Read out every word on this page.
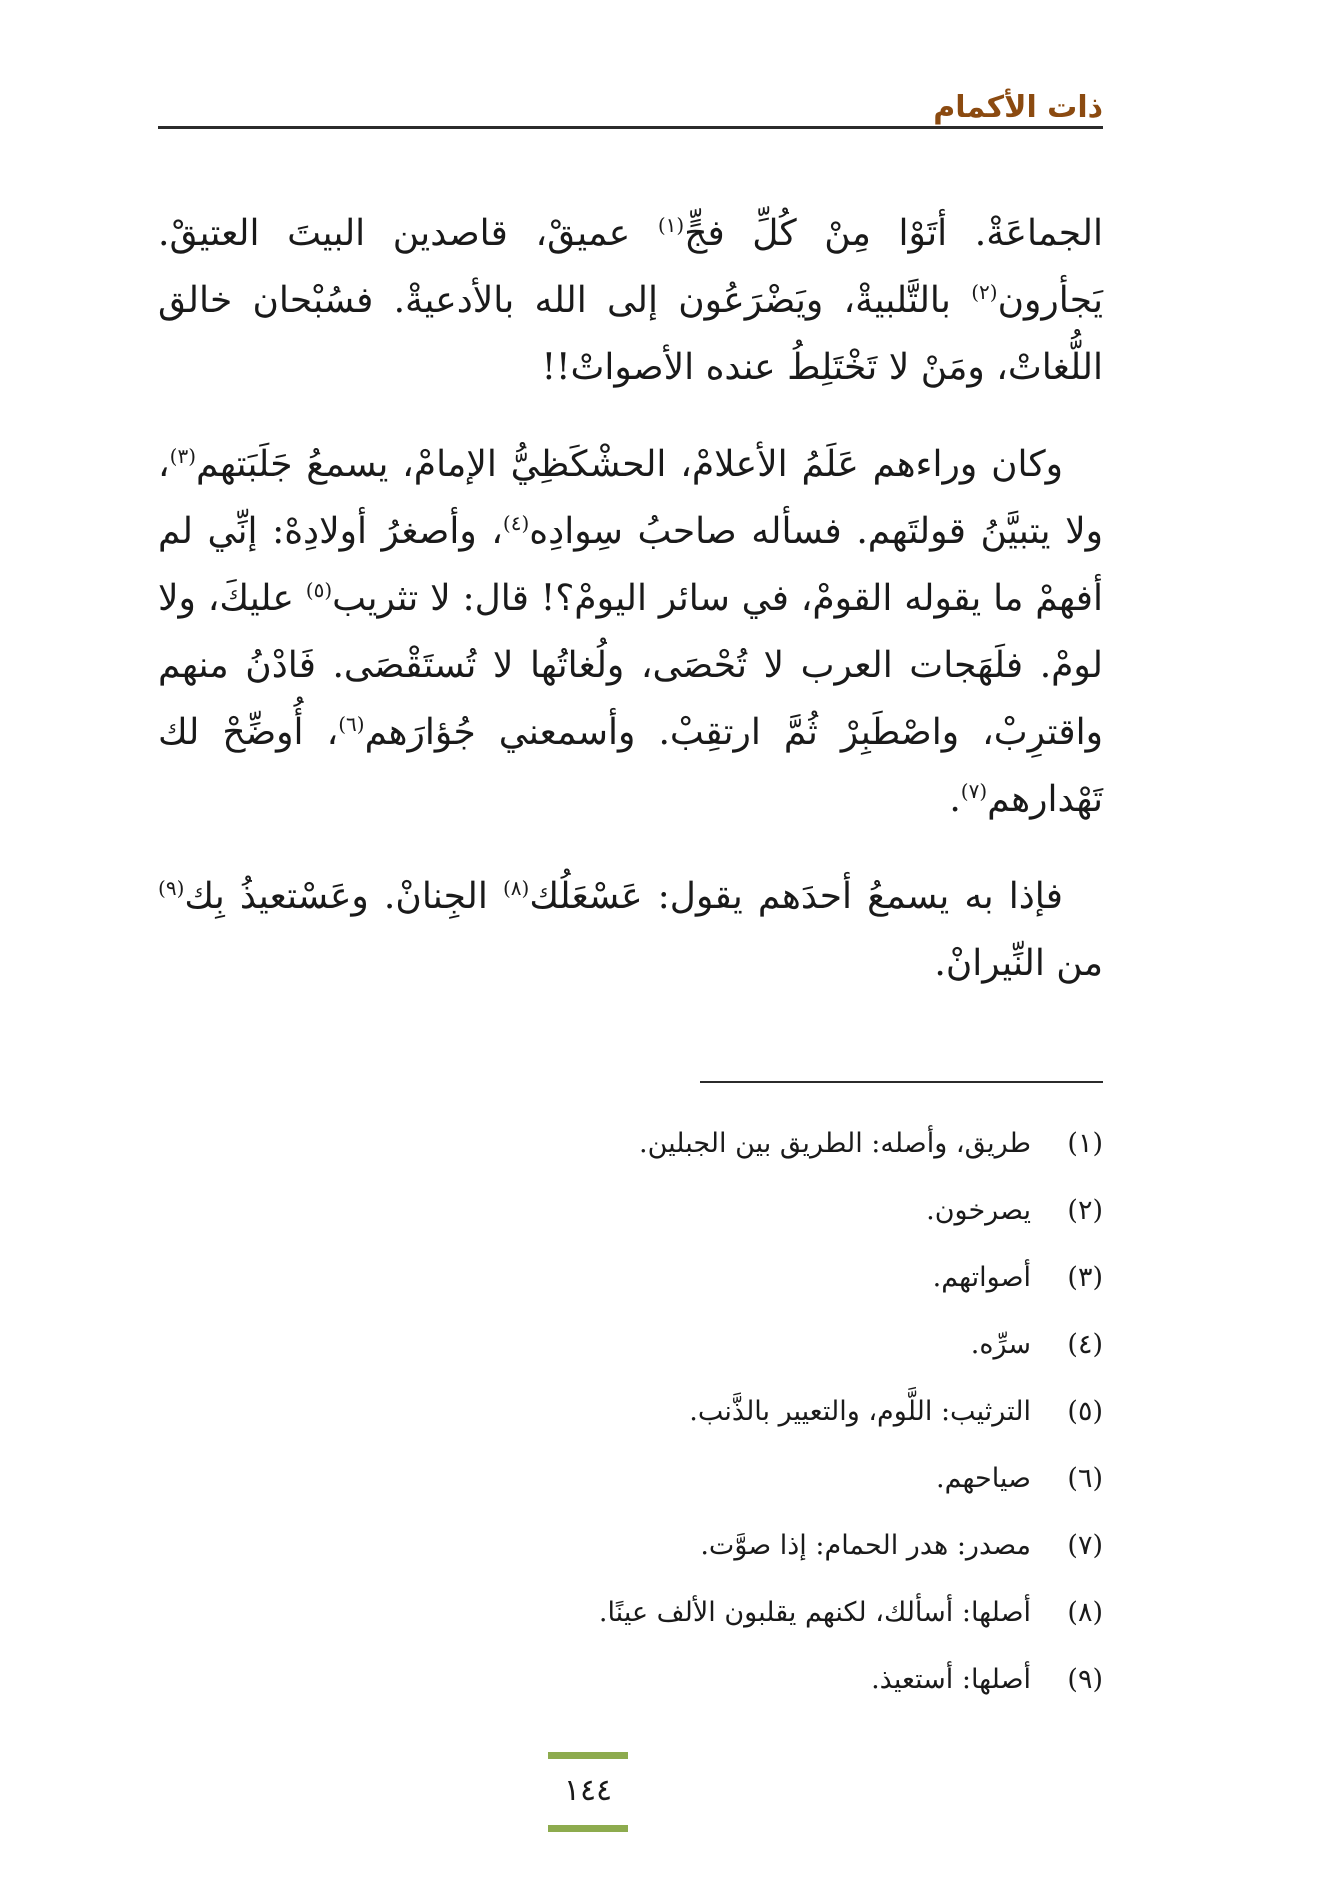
ذات الأكمام

الجماعَةْ. أتَوْا مِنْ كُلِّ فجٍّ$^{(١)}$ عميقْ، قاصدين البيتَ العتيقْ. يَجأرون$^{(٢)}$ بالتَّلبيةْ، ويَضْرَعُون إلى الله بالأدعيةْ. فسُبْحان خالق اللُّغاتْ، ومَنْ لا تَخْتَلِطُ عنده الأصواتْ!!

وكان وراءهم عَلَمُ الأعلامْ، الحشْكَظِيُّ الإمامْ، يسمعُ جَلَبَتهم$^{(٣)}$، ولا يتبيَّنُ قولتَهم. فسأله صاحبُ سِوادِه$^{(٤)}$، وأصغرُ أولادِهْ: إنِّي لم أفهمْ ما يقوله القومْ، في سائر اليومْ؟! قال: لا تثريب$^{(٥)}$ عليكَ، ولا لومْ. فلَهَجات العرب لا تُحْصَى، ولُغاتُها لا تُستَقْصَى. فَادْنُ منهم واقترِبْ، واصْطَبِرْ ثُمَّ ارتقِبْ. وأسمعني جُؤارَهم$^{(٦)}$، أُوضِّحْ لك تَهْدارهم$^{(٧)}$.

فإذا به يسمعُ أحدَهم يقول: عَسْعَلُك$^{(٨)}$ الجِنانْ. وعَسْتعيذُ بِك$^{(٩)}$ من النِّيرانْ.

(١)
طريق، وأصله: الطريق بين الجبلين.
(٢)
يصرخون.
(٣)
أصواتهم.
(٤)
سرِّه.
(٥)
الترثيب: اللَّوم، والتعيير بالذَّنب.
(٦)
صياحهم.
(٧)
مصدر: هدر الحمام: إذا صوَّت.
(٨)
أصلها: أسألك، لكنهم يقلبون الألف عينًا.
(٩)
أصلها: أستعيذ.
١٤٤
